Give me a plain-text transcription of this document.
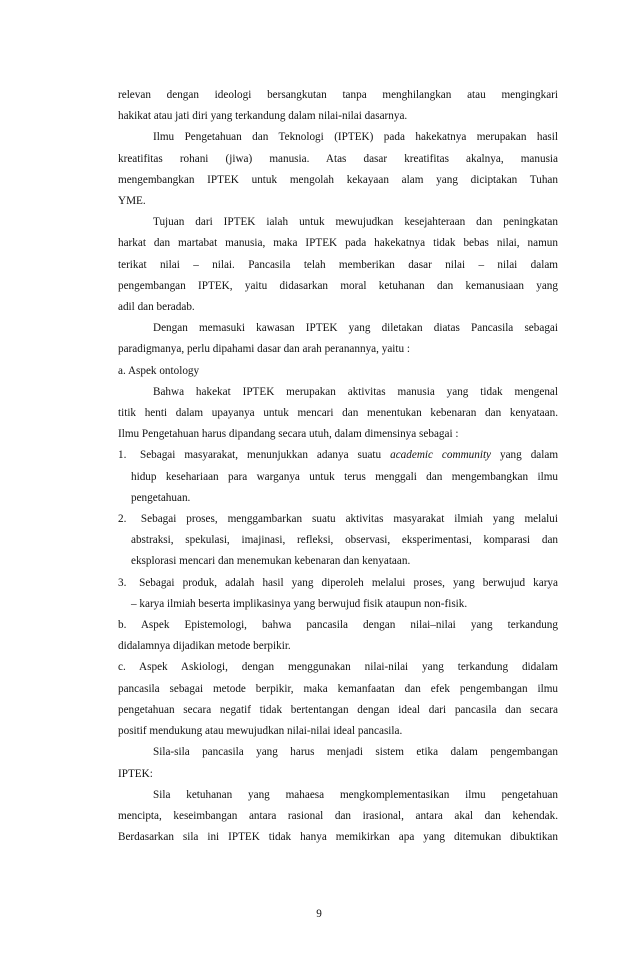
relevan dengan ideologi bersangkutan tanpa menghilangkan atau mengingkari

hakikat atau jati diri yang terkandung dalam nilai-nilai dasarnya.

Ilmu Pengetahuan dan Teknologi (IPTEK) pada hakekatnya merupakan hasil

kreatifitas rohani (jiwa) manusia. Atas dasar kreatifitas akalnya, manusia

mengembangkan IPTEK untuk mengolah kekayaan alam yang diciptakan Tuhan

YME.

Tujuan dari IPTEK ialah untuk mewujudkan kesejahteraan dan peningkatan

harkat dan martabat manusia, maka IPTEK pada hakekatnya tidak bebas nilai, namun

terikat nilai – nilai. Pancasila telah memberikan dasar nilai – nilai dalam

pengembangan IPTEK, yaitu didasarkan moral ketuhanan dan kemanusiaan yang

adil dan beradab.

Dengan memasuki kawasan IPTEK yang diletakan diatas Pancasila sebagai

paradigmanya, perlu dipahami dasar dan arah peranannya, yaitu :

a. Aspek ontology

Bahwa hakekat IPTEK merupakan aktivitas manusia yang tidak mengenal

titik henti dalam upayanya untuk mencari dan menentukan kebenaran dan kenyataan.

Ilmu Pengetahuan harus dipandang secara utuh, dalam dimensinya sebagai :

1. Sebagai masyarakat, menunjukkan adanya suatu academic community yang dalam

hidup kesehariaan para warganya untuk terus menggali dan mengembangkan ilmu

pengetahuan.

2. Sebagai proses, menggambarkan suatu aktivitas masyarakat ilmiah yang melalui

abstraksi, spekulasi, imajinasi, refleksi, observasi, eksperimentasi, komparasi dan

eksplorasi mencari dan menemukan kebenaran dan kenyataan.

3. Sebagai produk, adalah hasil yang diperoleh melalui proses, yang berwujud karya

– karya ilmiah beserta implikasinya yang berwujud fisik ataupun non-fisik.

b. Aspek Epistemologi, bahwa pancasila dengan nilai–nilai yang terkandung

didalamnya dijadikan metode berpikir.

c. Aspek Askiologi, dengan menggunakan nilai-nilai yang terkandung didalam

pancasila sebagai metode berpikir, maka kemanfaatan dan efek pengembangan ilmu

pengetahuan secara negatif tidak bertentangan dengan ideal dari pancasila dan secara

positif mendukung atau mewujudkan nilai-nilai ideal pancasila.

Sila-sila pancasila yang harus menjadi sistem etika dalam pengembangan

IPTEK:

Sila ketuhanan yang mahaesa mengkomplementasikan ilmu pengetahuan

mencipta, keseimbangan antara rasional dan irasional, antara akal dan kehendak.

Berdasarkan sila ini IPTEK tidak hanya memikirkan apa yang ditemukan dibuktikan

9
